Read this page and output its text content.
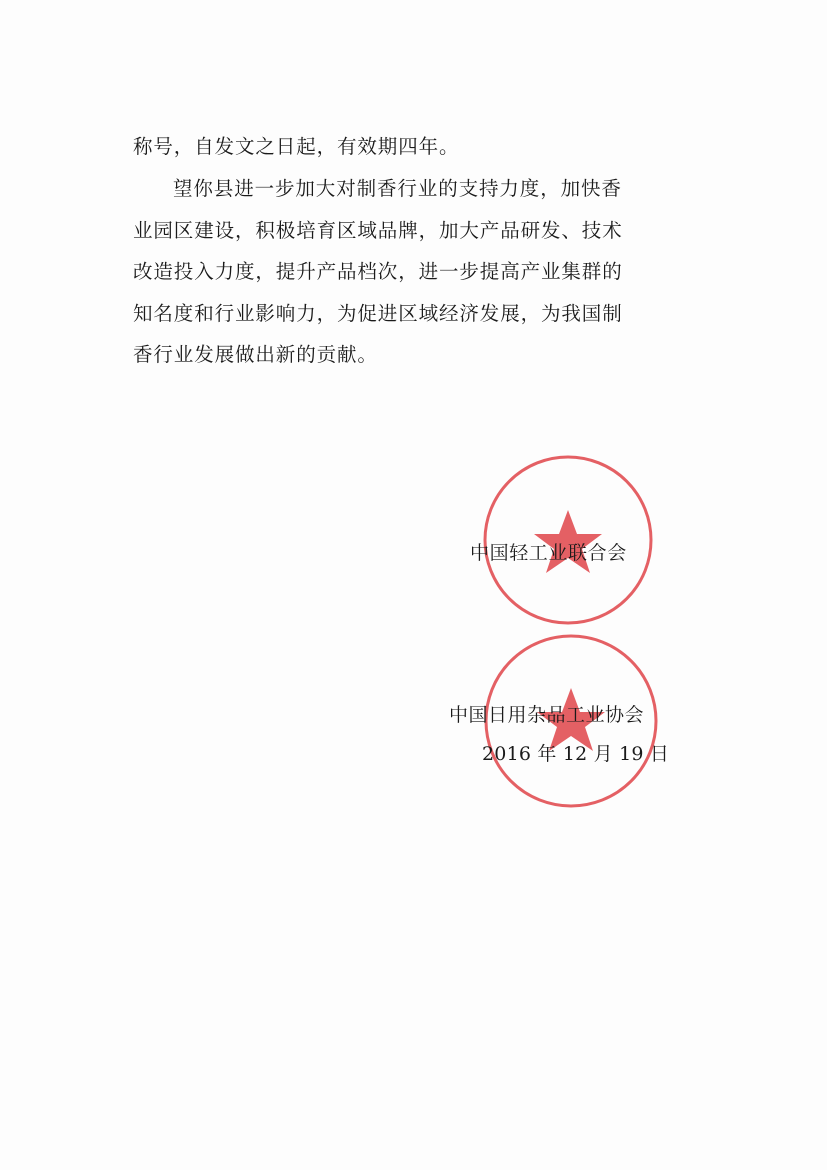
称号，自发文之日起，有效期四年。

望你县进一步加大对制香行业的支持力度，加快香业园区建设，积极培育区域品牌，加大产品研发、技术改造投入力度，提升产品档次，进一步提高产业集群的知名度和行业影响力，为促进区域经济发展，为我国制香行业发展做出新的贡献。

中国轻工业联合会
中国日用杂品工业协会
2016 年 12 月 19 日
